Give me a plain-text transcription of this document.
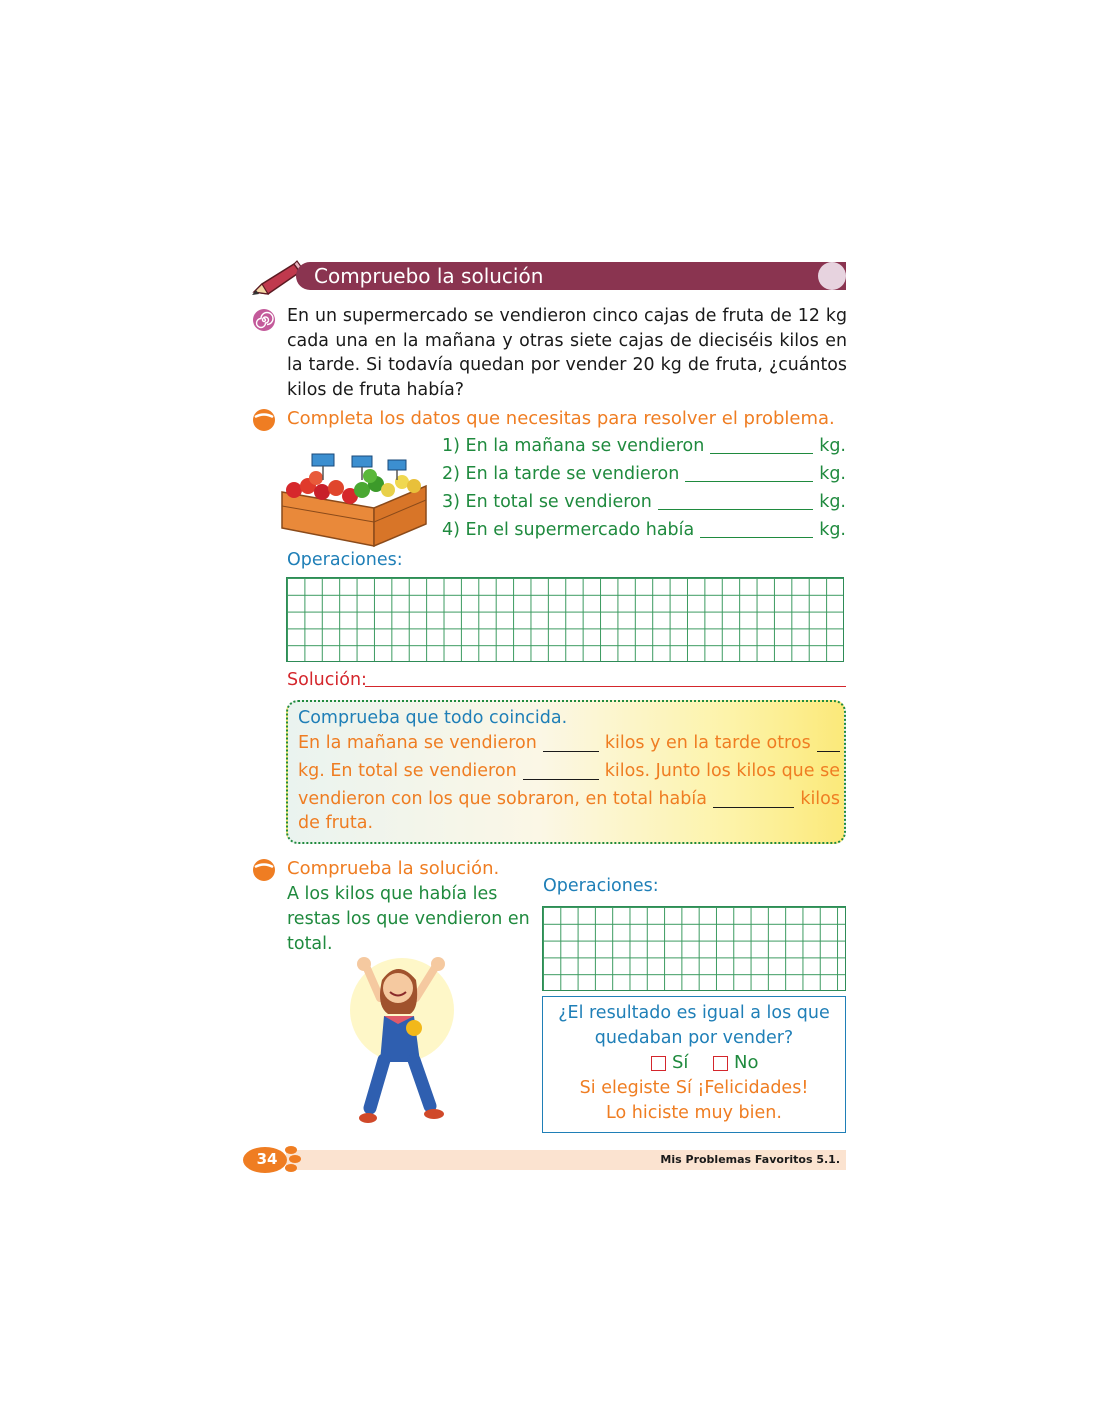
Compruebo la solución
En un supermercado se vendieron cinco cajas de fruta de 12 kg cada una en la mañana y otras siete cajas de dieciséis kilos en la tarde. Si todavía quedan por vender 20 kg de fruta, ¿cuántos kilos de fruta había?
Completa los datos que necesitas para resolver el problema.
1) En la mañana se vendieron	kg.
2) En la tarde se vendieron	kg.
3) En total se vendieron	kg.
4) En el supermercado había	kg.
Operaciones:
Solución:
Comprueba que todo coincida.
En la mañana se vendieron	kilos y en la tarde otros
kg. En total se vendieron	kilos. Junto los kilos que se
vendieron con los que sobraron, en total había	kilos
de fruta.
Comprueba la solución.
A los kilos que había les restas los que vendieron en total.
Operaciones:
¿El resultado es igual a los que quedaban por vender?
Sí	No
Si elegiste Sí ¡Felicidades!
Lo hiciste muy bien.
34	Mis Problemas Favoritos 5.1.
